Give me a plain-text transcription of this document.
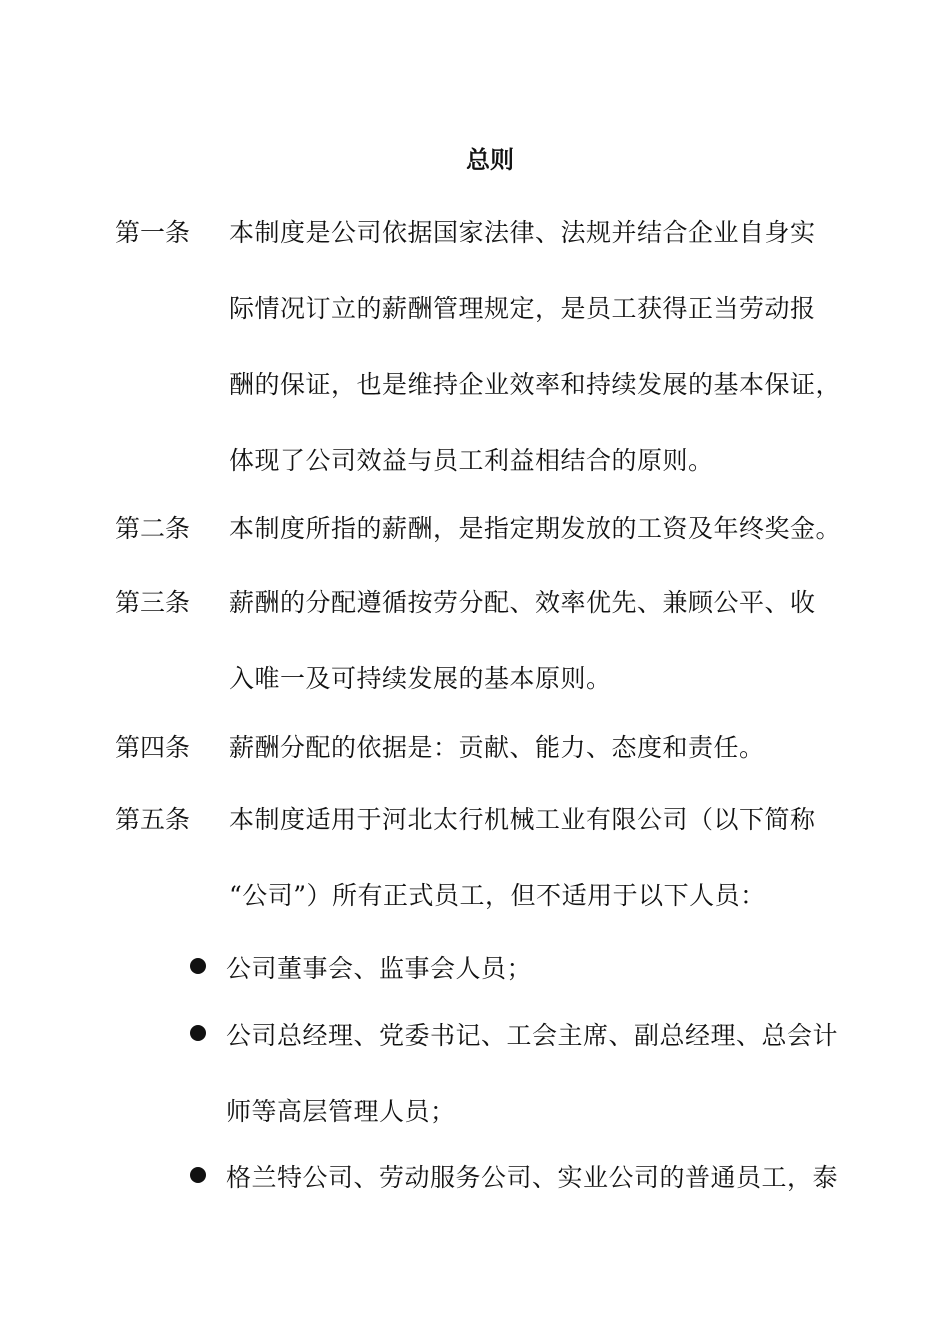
总则
第一条 本制度是公司依据国家法律、法规并结合企业自身实
际情况订立的薪酬管理规定，是员工获得正当劳动报
酬的保证，也是维持企业效率和持续发展的基本保证，
体现了公司效益与员工利益相结合的原则。
第二条 本制度所指的薪酬，是指定期发放的工资及年终奖金。
第三条 薪酬的分配遵循按劳分配、效率优先、兼顾公平、收
入唯一及可持续发展的基本原则。
第四条 薪酬分配的依据是：贡献、能力、态度和责任。
第五条 本制度适用于河北太行机械工业有限公司（以下简称
“公司”）所有正式员工，但不适用于以下人员：
公司董事会、监事会人员；
公司总经理、党委书记、工会主席、副总经理、总会计
师等高层管理人员；
格兰特公司、劳动服务公司、实业公司的普通员工，泰
